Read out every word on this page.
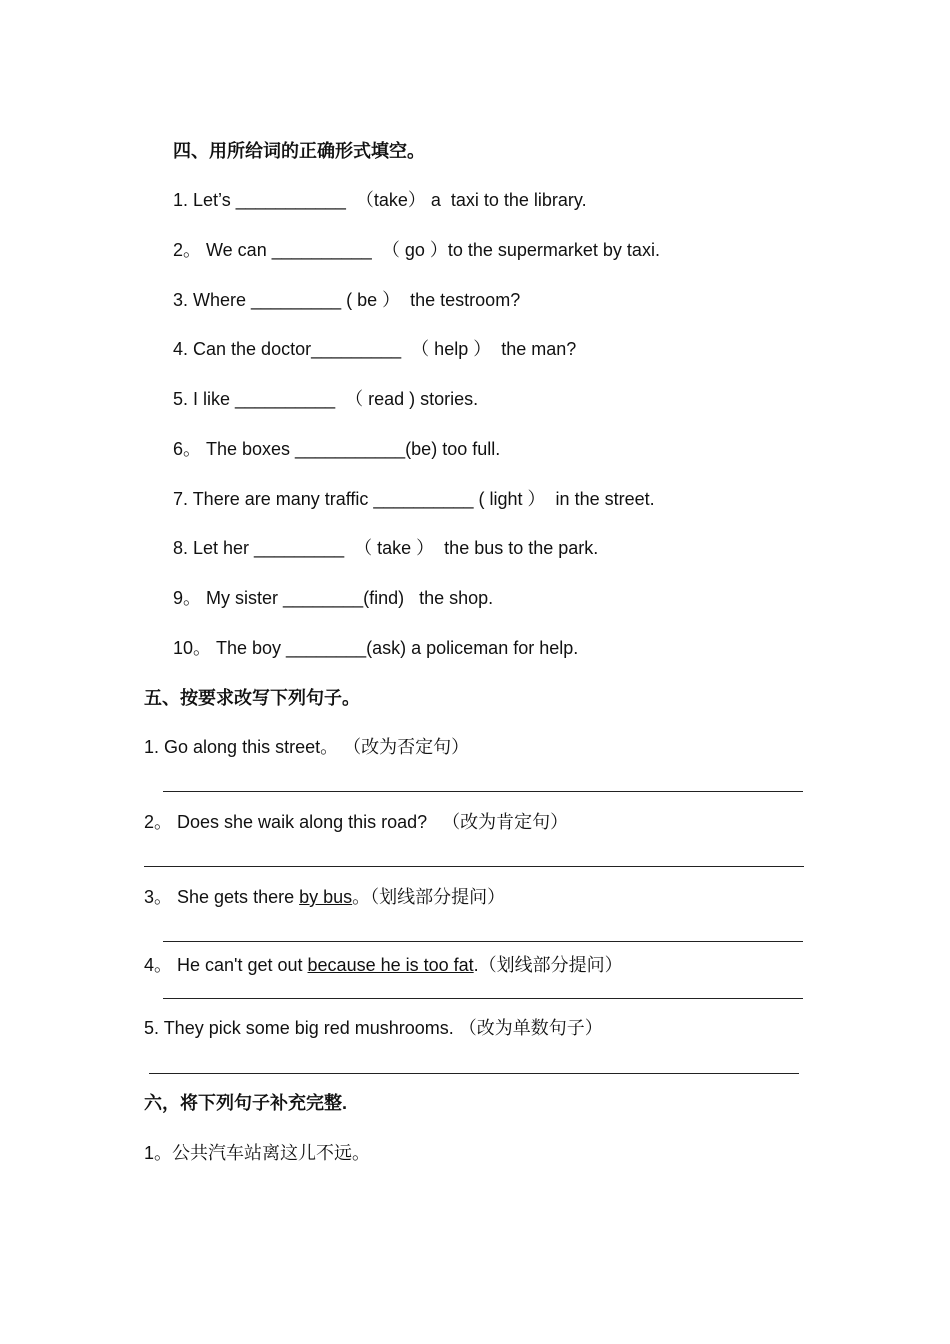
四、用所给词的正确形式填空。
1. Let’s ___________  （take） a  taxi to the library.
2。 We can __________  （ go ）to the supermarket by taxi.
3. Where _________ ( be ）  the testroom?
4. Can the doctor_________  （ help ）  the man?
5. I like __________  （ read ) stories.
6。 The boxes ___________(be) too full.
7. There are many traffic __________ ( light ）  in the street.
8. Let her _________  （ take ）  the bus to the park.
9。 My sister ________(find)   the shop.
10。 The boy ________(ask) a policeman for help.
五、按要求改写下列句子。
1. Go along this street。 （改为否定句）
2。 Does she waik along this road?   （改为肯定句）
3。 She gets there by bus。（划线部分提问）
4。 He can't get out because he is too fat.（划线部分提问）
5. They pick some big red mushrooms. （改为单数句子）
六，将下列句子补充完整.
1。公共汽车站离这儿不远。
